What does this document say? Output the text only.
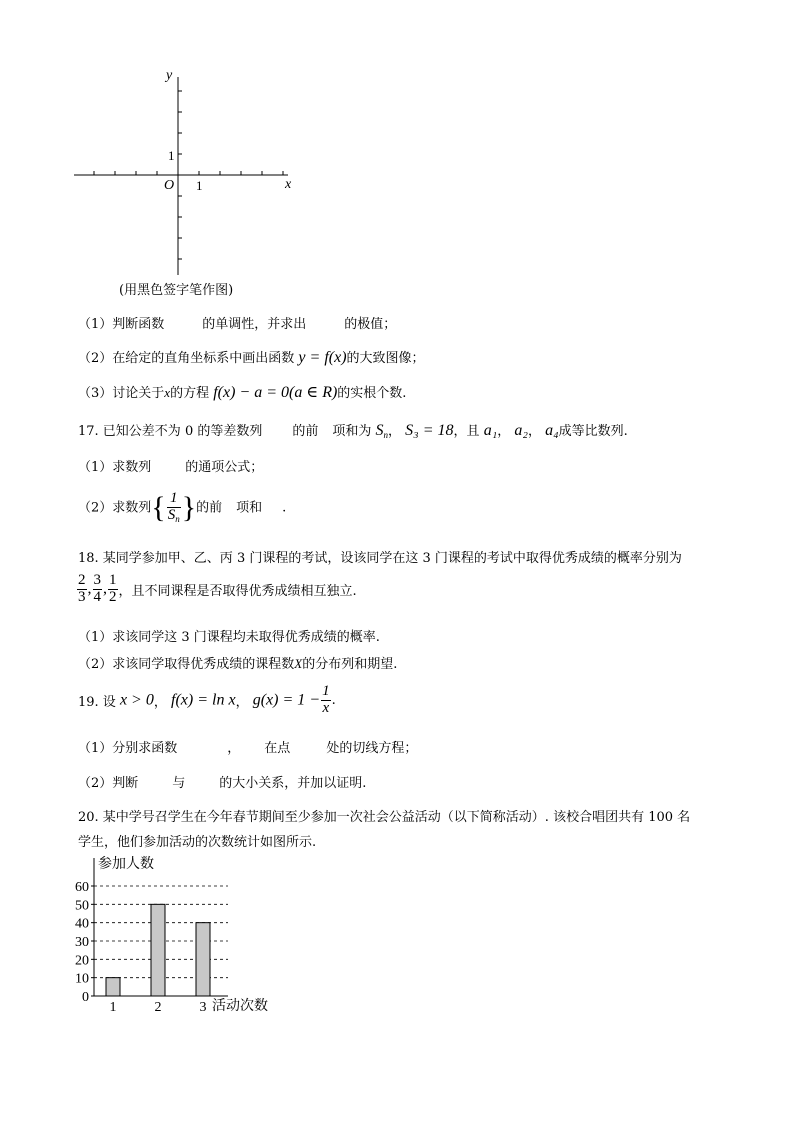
y
x
O
1
1
(用黑色签字笔作图)
（1）判断函数	的单调性，并求出	的极值；
（2）在给定的直角坐标系中画出函数 y = f(x)的大致图像；
（3）讨论关于x的方程 f(x) − a = 0(a ∈ R)的实根个数.
17. 已知公差不为 0 的等差数列 的前 项和为 $S_n$， S₃ = 18，且 a₁， a₂， a₄成等比数列.
（1）求数列	的通项公式；
（2）求数列{ $\frac{1}{S_n}$ }的前 项和 .
18. 某同学参加甲、乙、丙 3 门课程的考试，设该同学在这 3 门课程的考试中取得优秀成绩的概率分别为
$\frac{2}{3}$ , $\frac{3}{4}$ , $\frac{1}{2}$ ，且不同课程是否取得优秀成绩相互独立.
（1）求该同学这 3 门课程均未取得优秀成绩的概率.
（2）求该同学取得优秀成绩的课程数X的分布列和期望.
19. 设 x > 0， f(x) = ln x， $g(x) = 1 - \frac{1}{x}$ .
（1）分别求函数	， 在点	处的切线方程；
（2）判断	与	的大小关系，并加以证明.
20. 某中学号召学生在今年春节期间至少参加一次社会公益活动（以下简称活动）. 该校合唱团共有 100 名
学生，他们参加活动的次数统计如图所示.
0
10
20
30
40
50
60
1	2	3
参加人数
活动次数
